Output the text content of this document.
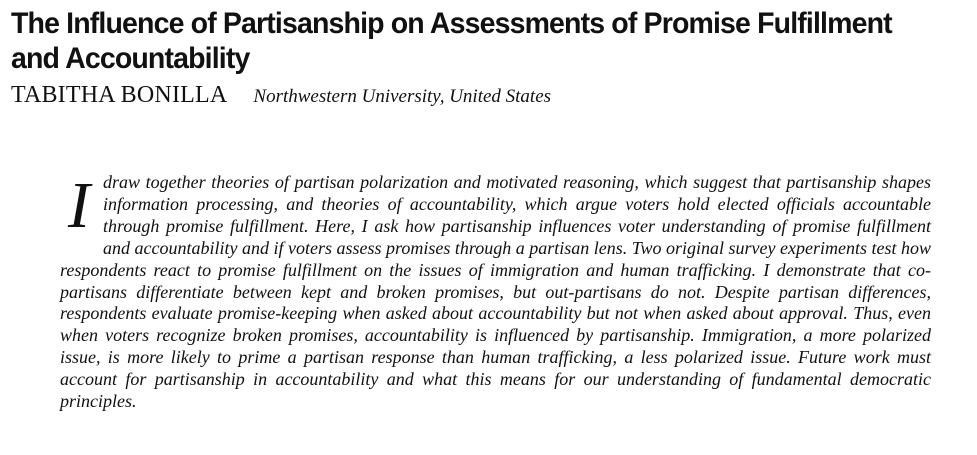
The Influence of Partisanship on Assessments of Promise Fulfillment and Accountability
TABITHA BONILLA Northwestern University, United States

I draw together theories of partisan polarization and motivated reasoning, which suggest that partisanship shapes information processing, and theories of accountability, which argue voters hold elected officials accountable through promise fulfillment. Here, I ask how partisanship influences voter understanding of promise fulfillment and accountability and if voters assess promises through a partisan lens. Two original survey experiments test how respondents react to promise fulfillment on the issues of immigration and human trafficking. I demonstrate that co-partisans differentiate between kept and broken promises, but out-partisans do not. Despite partisan differences, respondents evaluate promise-keeping when asked about accountability but not when asked about approval. Thus, even when voters recognize broken promises, accountability is influenced by partisanship. Immigration, a more polarized issue, is more likely to prime a partisan response than human trafficking, a less polarized issue. Future work must account for partisanship in accountability and what this means for our understanding of fundamental democratic principles.
